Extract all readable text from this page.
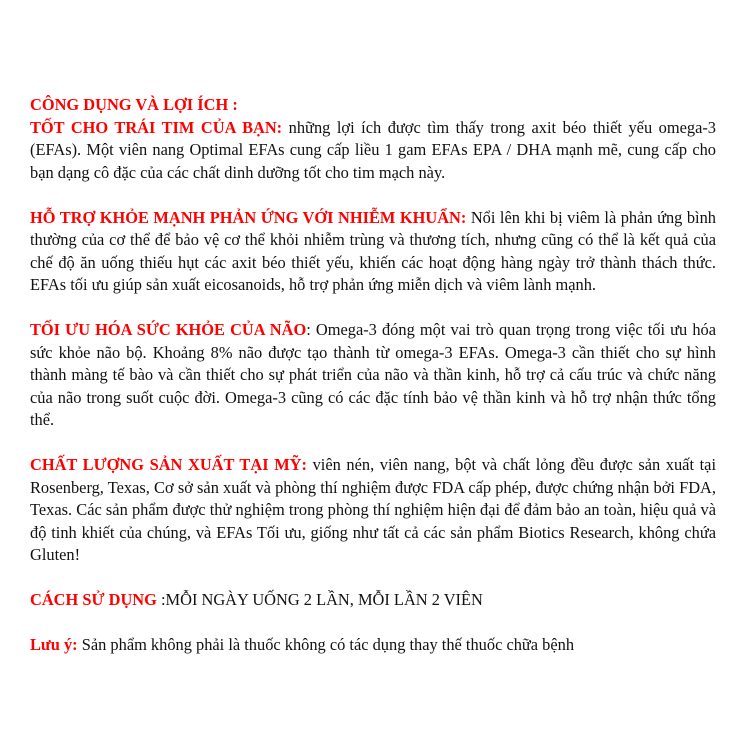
CÔNG DỤNG VÀ LỢI ÍCH :
TỐT CHO TRÁI TIM CỦA BẠN: những lợi ích được tìm thấy trong axit béo thiết yếu omega-3 (EFAs). Một viên nang Optimal EFAs cung cấp liều 1 gam EFAs EPA / DHA mạnh mẽ, cung cấp cho bạn dạng cô đặc của các chất dinh dưỡng tốt cho tim mạch này.

HỖ TRỢ KHỎE MẠNH PHẢN ỨNG VỚI NHIỄM KHUẨN: Nổi lên khi bị viêm là phản ứng bình thường của cơ thể để bảo vệ cơ thể khỏi nhiễm trùng và thương tích, nhưng cũng có thể là kết quả của chế độ ăn uống thiếu hụt các axit béo thiết yếu, khiến các hoạt động hàng ngày trở thành thách thức. EFAs tối ưu giúp sản xuất eicosanoids, hỗ trợ phản ứng miễn dịch và viêm lành mạnh.

TỐI ƯU HÓA SỨC KHỎE CỦA NÃO: Omega-3 đóng một vai trò quan trọng trong việc tối ưu hóa sức khỏe não bộ. Khoảng 8% não được tạo thành từ omega-3 EFAs. Omega-3 cần thiết cho sự hình thành màng tế bào và cần thiết cho sự phát triển của não và thần kinh, hỗ trợ cả cấu trúc và chức năng của não trong suốt cuộc đời. Omega-3 cũng có các đặc tính bảo vệ thần kinh và hỗ trợ nhận thức tổng thể.

CHẤT LƯỢNG SẢN XUẤT TẠI MỸ: viên nén, viên nang, bột và chất lỏng đều được sản xuất tại Rosenberg, Texas, Cơ sở sản xuất và phòng thí nghiệm được FDA cấp phép, được chứng nhận bởi FDA, Texas. Các sản phẩm được thử nghiệm trong phòng thí nghiệm hiện đại để đảm bảo an toàn, hiệu quả và độ tinh khiết của chúng, và EFAs Tối ưu, giống như tất cả các sản phẩm Biotics Research, không chứa Gluten!

CÁCH SỬ DỤNG :MỖI NGÀY UỐNG 2 LẦN, MỖI LẦN 2 VIÊN

Lưu ý: Sản phẩm không phải là thuốc không có tác dụng thay thế thuốc chữa bệnh
